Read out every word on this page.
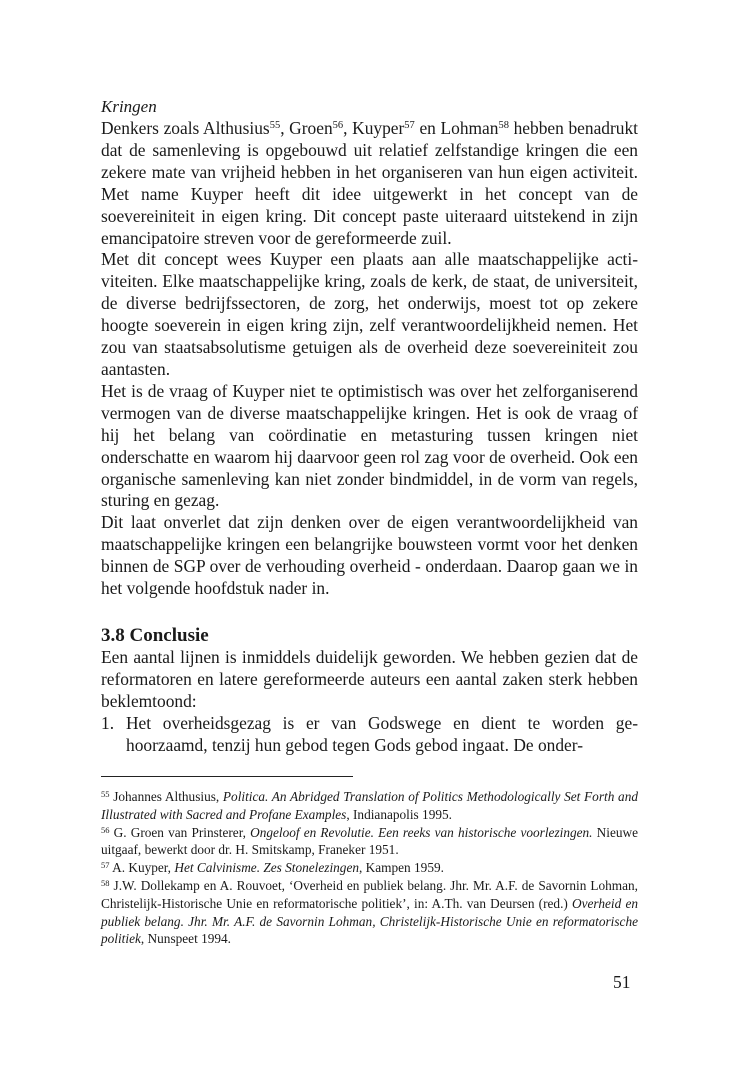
Kringen

Denkers zoals Althusius$^{55}$, Groen$^{56}$, Kuyper$^{57}$ en Lohman$^{58}$ hebben benadrukt dat de samenleving is opgebouwd uit relatief zelfstandige kringen die een zekere mate van vrijheid hebben in het organiseren van hun eigen activiteit. Met name Kuyper heeft dit idee uitgewerkt in het concept van de soevereiniteit in eigen kring. Dit concept paste uiteraard uitstekend in zijn emancipatoire streven voor de gereformeerde zuil.

Met dit concept wees Kuyper een plaats aan alle maatschappelijke activiteiten. Elke maatschappelijke kring, zoals de kerk, de staat, de universiteit, de diverse bedrijfssectoren, de zorg, het onderwijs, moest tot op zekere hoogte soeverein in eigen kring zijn, zelf verantwoordelijkheid nemen. Het zou van staatsabsolutisme getuigen als de overheid deze soevereiniteit zou aantasten.

Het is de vraag of Kuyper niet te optimistisch was over het zelforganiserend vermogen van de diverse maatschappelijke kringen. Het is ook de vraag of hij het belang van coördinatie en metasturing tussen kringen niet onderschatte en waarom hij daarvoor geen rol zag voor de overheid. Ook een organische samenleving kan niet zonder bindmiddel, in de vorm van regels, sturing en gezag.

Dit laat onverlet dat zijn denken over de eigen verantwoordelijkheid van maatschappelijke kringen een belangrijke bouwsteen vormt voor het denken binnen de SGP over de verhouding overheid - onderdaan. Daarop gaan we in het volgende hoofdstuk nader in.

3.8 Conclusie

Een aantal lijnen is inmiddels duidelijk geworden. We hebben gezien dat de reformatoren en latere gereformeerde auteurs een aantal zaken sterk hebben beklemtoond:

1. Het overheidsgezag is er van Godswege en dient te worden gehoorzaamd, tenzij hun gebod tegen Gods gebod ingaat. De onder-

$^{55}$ Johannes Althusius, Politica. An Abridged Translation of Politics Methodologically Set Forth and Illustrated with Sacred and Profane Examples, Indianapolis 1995.

$^{56}$ G. Groen van Prinsterer, Ongeloof en Revolutie. Een reeks van historische voorlezingen. Nieuwe uitgaaf, bewerkt door dr. H. Smitskamp, Franeker 1951.

$^{57}$ A. Kuyper, Het Calvinisme. Zes Stonelezingen, Kampen 1959.

$^{58}$ J.W. Dollekamp en A. Rouvoet, ‘Overheid en publiek belang. Jhr. Mr. A.F. de Savornin Lohman, Christelijk-Historische Unie en reformatorische politiek’, in: A.Th. van Deursen (red.) Overheid en publiek belang. Jhr. Mr. A.F. de Savornin Lohman, Christelijk-Historische Unie en reformatorische politiek, Nunspeet 1994.

51
